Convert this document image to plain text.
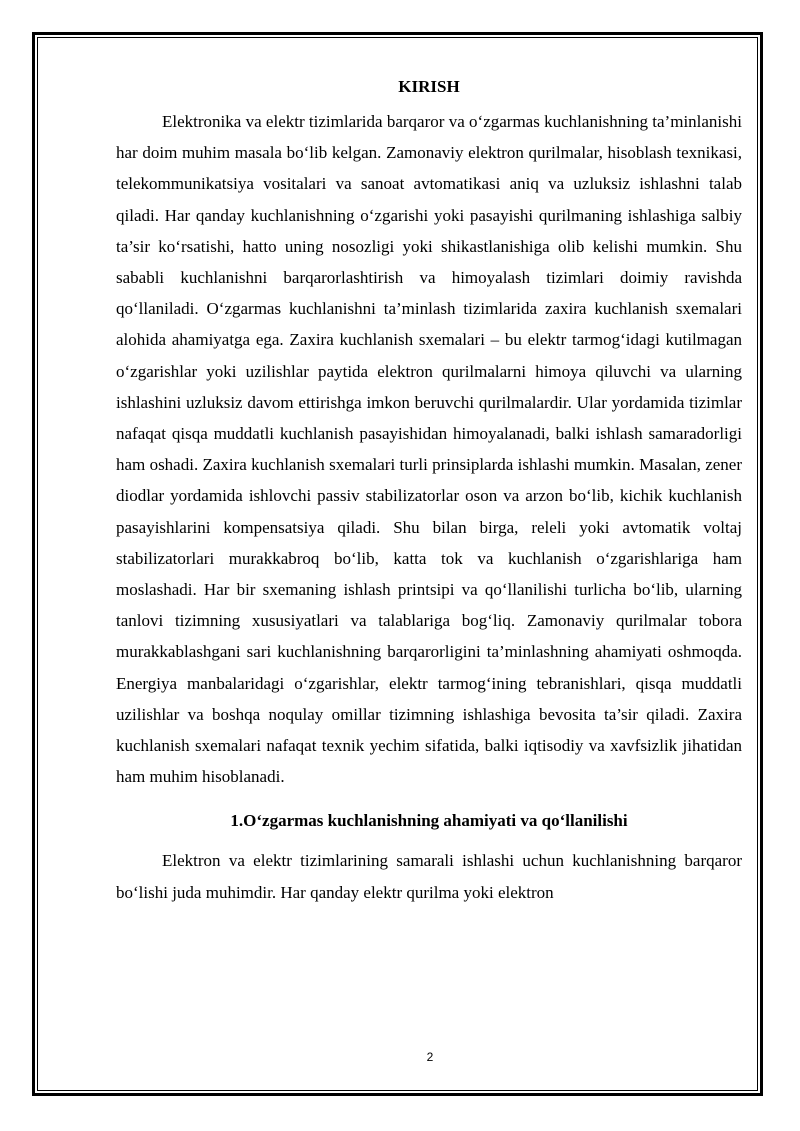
KIRISH

Elektronika va elektr tizimlarida barqaror va o‘zgarmas kuchlanishning ta’minlanishi har doim muhim masala bo‘lib kelgan. Zamonaviy elektron qurilmalar, hisoblash texnikasi, telekommunikatsiya vositalari va sanoat avtomatikasi aniq va uzluksiz ishlashni talab qiladi. Har qanday kuchlanishning o‘zgarishi yoki pasayishi qurilmaning ishlashiga salbiy ta’sir ko‘rsatishi, hatto uning nosozligi yoki shikastlanishiga olib kelishi mumkin. Shu sababli kuchlanishni barqarorlashtirish va himoyalash tizimlari doimiy ravishda qo‘llaniladi. O‘zgarmas kuchlanishni ta’minlash tizimlarida zaxira kuchlanish sxemalari alohida ahamiyatga ega. Zaxira kuchlanish sxemalari – bu elektr tarmog‘idagi kutilmagan o‘zgarishlar yoki uzilishlar paytida elektron qurilmalarni himoya qiluvchi va ularning ishlashini uzluksiz davom ettirishga imkon beruvchi qurilmalardir. Ular yordamida tizimlar nafaqat qisqa muddatli kuchlanish pasayishidan himoyalanadi, balki ishlash samaradorligi ham oshadi. Zaxira kuchlanish sxemalari turli prinsiplarda ishlashi mumkin. Masalan, zener diodlar yordamida ishlovchi passiv stabilizatorlar oson va arzon bo‘lib, kichik kuchlanish pasayishlarini kompensatsiya qiladi. Shu bilan birga, releli yoki avtomatik voltaj stabilizatorlari murakkabroq bo‘lib, katta tok va kuchlanish o‘zgarishlariga ham moslashadi. Har bir sxemaning ishlash printsipi va qo‘llanilishi turlicha bo‘lib, ularning tanlovi tizimning xususiyatlari va talablariga bog‘liq. Zamonaviy qurilmalar tobora murakkablashgani sari kuchlanishning barqarorligini ta’minlashning ahamiyati oshmoqda. Energiya manbalaridagi o‘zgarishlar, elektr tarmog‘ining tebranishlari, qisqa muddatli uzilishlar va boshqa noqulay omillar tizimning ishlashiga bevosita ta’sir qiladi. Zaxira kuchlanish sxemalari nafaqat texnik yechim sifatida, balki iqtisodiy va xavfsizlik jihatidan ham muhim hisoblanadi.

1.O‘zgarmas kuchlanishning ahamiyati va qo‘llanilishi

Elektron va elektr tizimlarining samarali ishlashi uchun kuchlanishning barqaror bo‘lishi juda muhimdir. Har qanday elektr qurilma yoki elektron

2
